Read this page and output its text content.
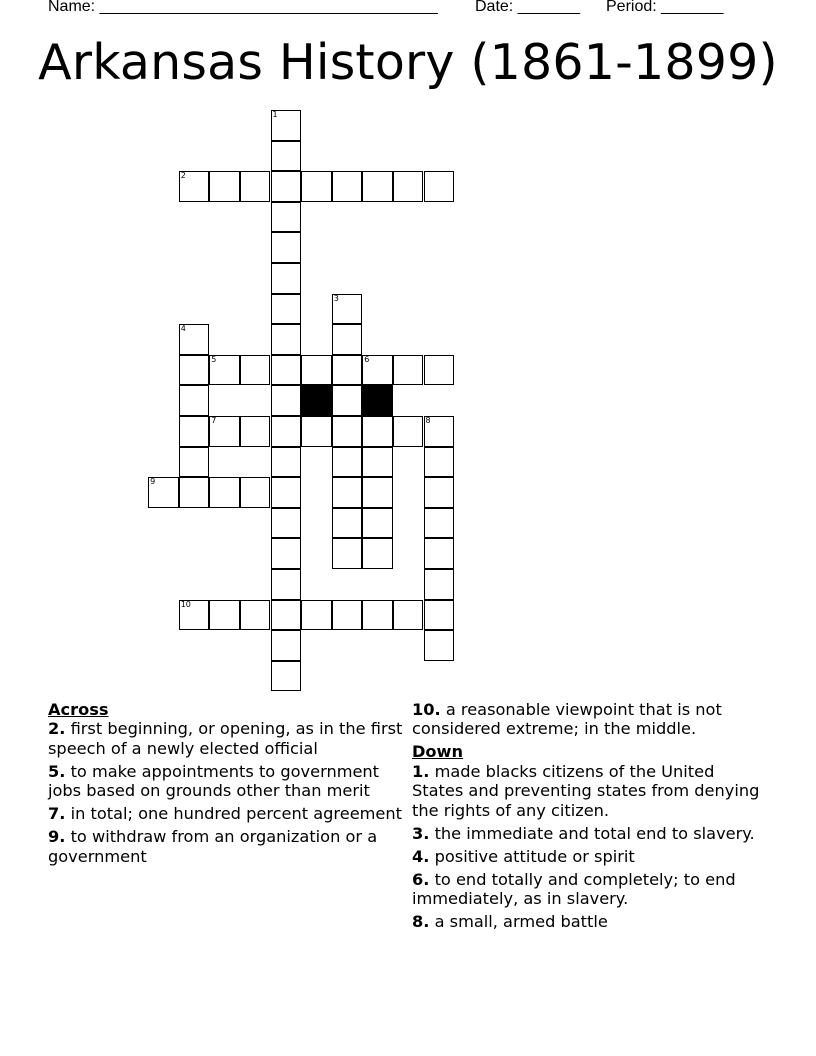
Name: ______________________________________ Date: _______ Period: _______
Arkansas History (1861-1899)
1
2
3
4
5	6
7	8
9
10
Across
2. first beginning, or opening, as in the first speech of a newly elected official
5. to make appointments to government jobs based on grounds other than merit
7. in total; one hundred percent agreement
9. to withdraw from an organization or a government
10. a reasonable viewpoint that is not considered extreme; in the middle.
Down
1. made blacks citizens of the United States and preventing states from denying the rights of any citizen.
3. the immediate and total end to slavery.
4. positive attitude or spirit
6. to end totally and completely; to end immediately, as in slavery.
8. a small, armed battle
